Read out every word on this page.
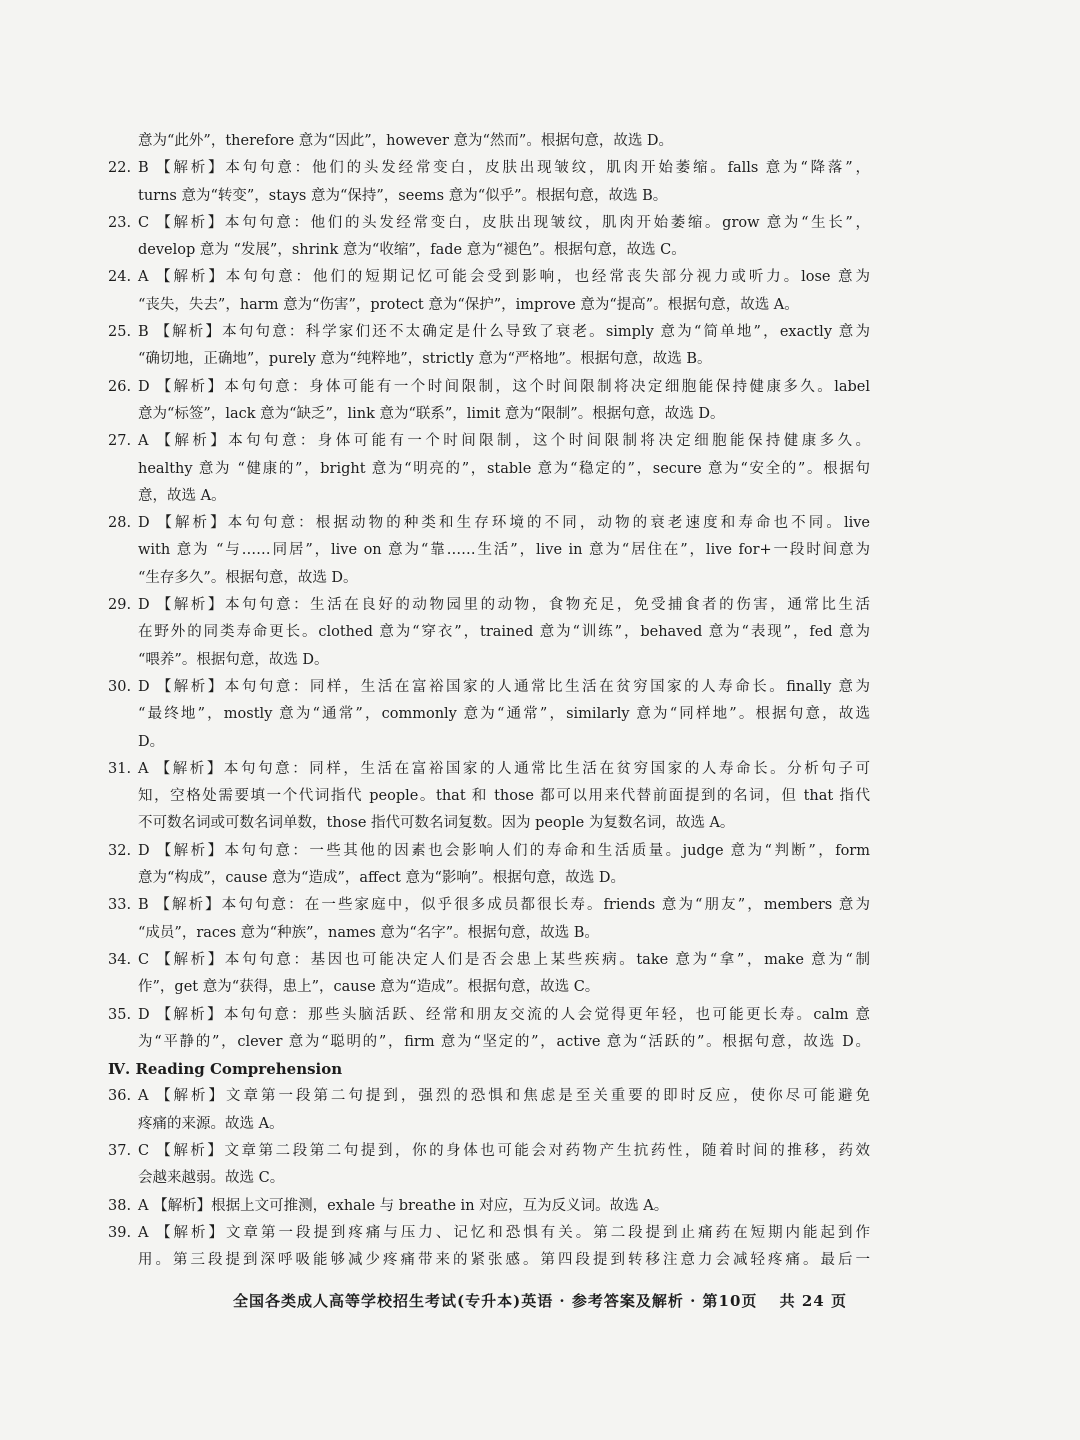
意为“此外”，therefore 意为“因此”，however 意为“然而”。根据句意，故选 D。
22. B 【解析】本句句意：他们的头发经常变白，皮肤出现皱纹，肌肉开始萎缩。falls 意为“降落”，
turns 意为“转变”，stays 意为“保持”，seems 意为“似乎”。根据句意，故选 B。
23. C 【解析】本句句意：他们的头发经常变白，皮肤出现皱纹，肌肉开始萎缩。grow 意为“生长”，
develop 意为 “发展”，shrink 意为“收缩”，fade 意为“褪色”。根据句意，故选 C。
24. A 【解析】本句句意：他们的短期记忆可能会受到影响，也经常丧失部分视力或听力。lose 意为
“丧失，失去”，harm 意为“伤害”，protect 意为“保护”，improve 意为“提高”。根据句意，故选 A。
25. B 【解析】本句句意：科学家们还不太确定是什么导致了衰老。simply 意为“简单地”，exactly 意为
“确切地，正确地”，purely 意为“纯粹地”，strictly 意为“严格地”。根据句意，故选 B。
26. D 【解析】本句句意：身体可能有一个时间限制，这个时间限制将决定细胞能保持健康多久。label
意为“标签”，lack 意为“缺乏”，link 意为“联系”，limit 意为“限制”。根据句意，故选 D。
27. A 【解析】本句句意：身体可能有一个时间限制，这个时间限制将决定细胞能保持健康多久。
healthy 意为 “健康的”，bright 意为“明亮的”，stable 意为“稳定的”，secure 意为“安全的”。根据句
意，故选 A。
28. D 【解析】本句句意：根据动物的种类和生存环境的不同，动物的衰老速度和寿命也不同。live
with 意为 “与……同居”，live on 意为“靠……生活”，live in 意为“居住在”，live for+一段时间意为
“生存多久”。根据句意，故选 D。
29. D 【解析】本句句意：生活在良好的动物园里的动物，食物充足，免受捕食者的伤害，通常比生活
在野外的同类寿命更长。clothed 意为“穿衣”，trained 意为“训练”，behaved 意为“表现”，fed 意为
“喂养”。根据句意，故选 D。
30. D 【解析】本句句意：同样，生活在富裕国家的人通常比生活在贫穷国家的人寿命长。finally 意为
“最终地”，mostly 意为“通常”，commonly 意为“通常”，similarly 意为“同样地”。根据句意，故选
D。
31. A 【解析】本句句意：同样，生活在富裕国家的人通常比生活在贫穷国家的人寿命长。分析句子可
知，空格处需要填一个代词指代 people。that 和 those 都可以用来代替前面提到的名词，但 that 指代
不可数名词或可数名词单数，those 指代可数名词复数。因为 people 为复数名词，故选 A。
32. D 【解析】本句句意：一些其他的因素也会影响人们的寿命和生活质量。judge 意为“判断”，form
意为“构成”，cause 意为“造成”，affect 意为“影响”。根据句意，故选 D。
33. B 【解析】本句句意：在一些家庭中，似乎很多成员都很长寿。friends 意为“朋友”，members 意为
“成员”，races 意为“种族”，names 意为“名字”。根据句意，故选 B。
34. C 【解析】本句句意：基因也可能决定人们是否会患上某些疾病。take 意为“拿”，make 意为“制
作”，get 意为“获得，患上”，cause 意为“造成”。根据句意，故选 C。
35. D 【解析】本句句意：那些头脑活跃、经常和朋友交流的人会觉得更年轻，也可能更长寿。calm 意
为“平静的”，clever 意为“聪明的”，firm 意为“坚定的”，active 意为“活跃的”。根据句意，故选 D。
Ⅳ. Reading Comprehension
36. A 【解析】文章第一段第二句提到，强烈的恐惧和焦虑是至关重要的即时反应，使你尽可能避免
疼痛的来源。故选 A。
37. C 【解析】文章第二段第二句提到，你的身体也可能会对药物产生抗药性，随着时间的推移，药效
会越来越弱。故选 C。
38. A 【解析】根据上文可推测，exhale 与 breathe in 对应，互为反义词。故选 A。
39. A 【解析】文章第一段提到疼痛与压力、记忆和恐惧有关。第二段提到止痛药在短期内能起到作
用。第三段提到深呼吸能够减少疼痛带来的紧张感。第四段提到转移注意力会减轻疼痛。最后一
全国各类成人高等学校招生考试(专升本)英语 · 参考答案及解析 · 第10页　 共 24 页
